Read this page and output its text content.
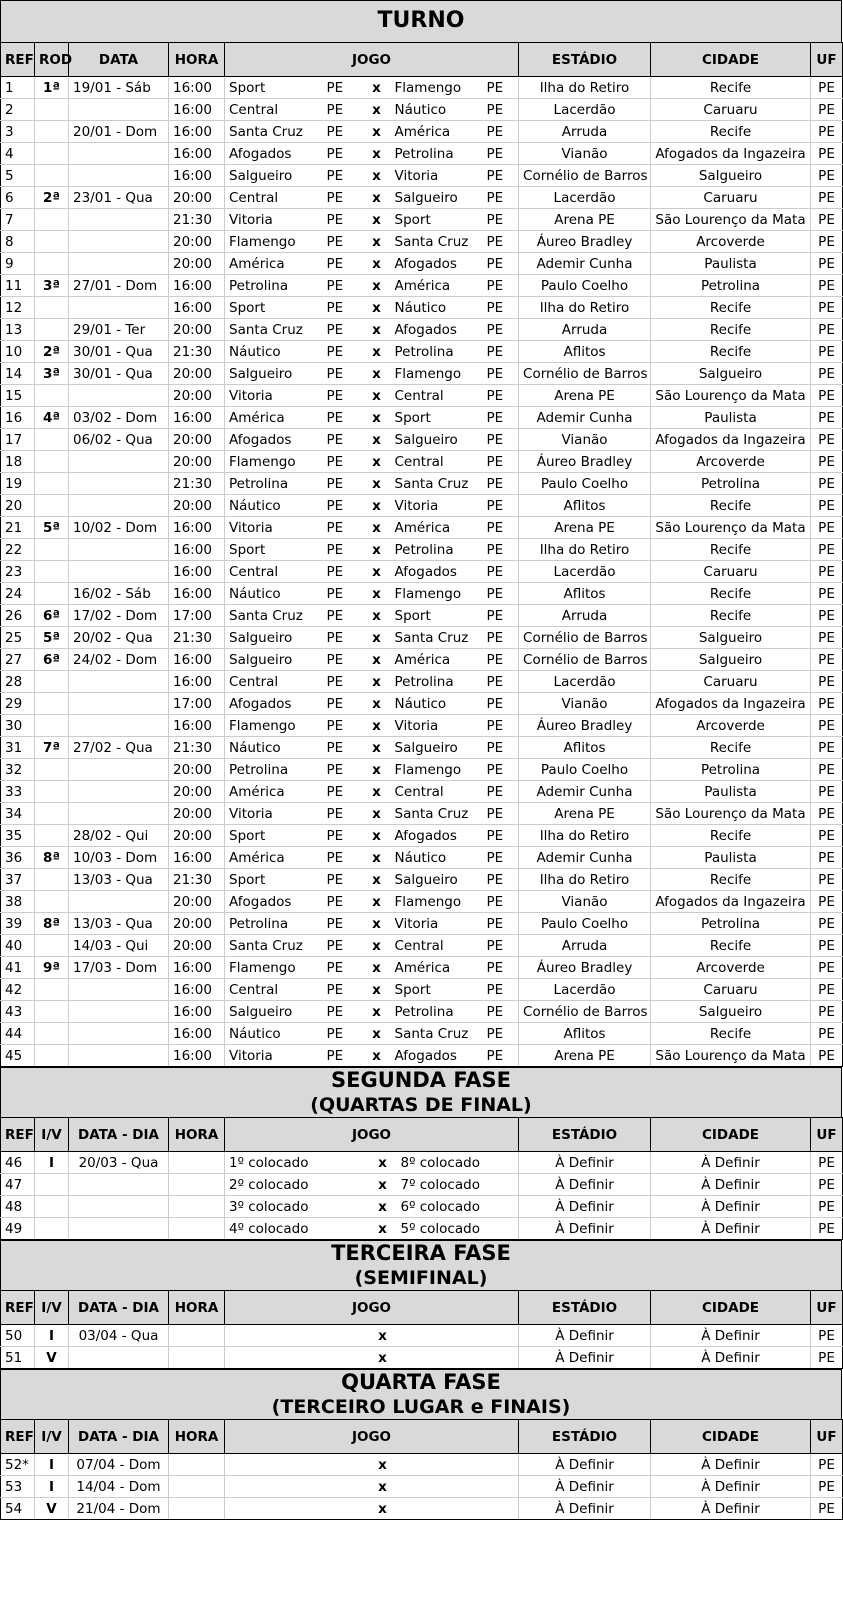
TURNO
REF	ROD	DATA	HORA	JOGO					ESTÁDIO	CIDADE	UF
1	1ª	19/01 - Sáb	16:00	Sport	PE	x	Flamengo	PE	Ilha do Retiro	Recife	PE
2			16:00	Central	PE	x	Náutico	PE	Lacerdão	Caruaru	PE
3		20/01 - Dom	16:00	Santa Cruz	PE	x	América	PE	Arruda	Recife	PE
4			16:00	Afogados	PE	x	Petrolina	PE	Vianão	Afogados da Ingazeira	PE
5			16:00	Salgueiro	PE	x	Vitoria	PE	Cornélio de Barros	Salgueiro	PE
6	2ª	23/01 - Qua	20:00	Central	PE	x	Salgueiro	PE	Lacerdão	Caruaru	PE
7			21:30	Vitoria	PE	x	Sport	PE	Arena PE	São Lourenço da Mata	PE
8			20:00	Flamengo	PE	x	Santa Cruz	PE	Áureo Bradley	Arcoverde	PE
9			20:00	América	PE	x	Afogados	PE	Ademir Cunha	Paulista	PE
11	3ª	27/01 - Dom	16:00	Petrolina	PE	x	América	PE	Paulo Coelho	Petrolina	PE
12			16:00	Sport	PE	x	Náutico	PE	Ilha do Retiro	Recife	PE
13		29/01 - Ter	20:00	Santa Cruz	PE	x	Afogados	PE	Arruda	Recife	PE
10	2ª	30/01 - Qua	21:30	Náutico	PE	x	Petrolina	PE	Aflitos	Recife	PE
14	3ª	30/01 - Qua	20:00	Salgueiro	PE	x	Flamengo	PE	Cornélio de Barros	Salgueiro	PE
15			20:00	Vitoria	PE	x	Central	PE	Arena PE	São Lourenço da Mata	PE
16	4ª	03/02 - Dom	16:00	América	PE	x	Sport	PE	Ademir Cunha	Paulista	PE
17		06/02 - Qua	20:00	Afogados	PE	x	Salgueiro	PE	Vianão	Afogados da Ingazeira	PE
18			20:00	Flamengo	PE	x	Central	PE	Áureo Bradley	Arcoverde	PE
19			21:30	Petrolina	PE	x	Santa Cruz	PE	Paulo Coelho	Petrolina	PE
20			20:00	Náutico	PE	x	Vitoria	PE	Aflitos	Recife	PE
21	5ª	10/02 - Dom	16:00	Vitoria	PE	x	América	PE	Arena PE	São Lourenço da Mata	PE
22			16:00	Sport	PE	x	Petrolina	PE	Ilha do Retiro	Recife	PE
23			16:00	Central	PE	x	Afogados	PE	Lacerdão	Caruaru	PE
24		16/02 - Sáb	16:00	Náutico	PE	x	Flamengo	PE	Aflitos	Recife	PE
26	6ª	17/02 - Dom	17:00	Santa Cruz	PE	x	Sport	PE	Arruda	Recife	PE
25	5ª	20/02 - Qua	21:30	Salgueiro	PE	x	Santa Cruz	PE	Cornélio de Barros	Salgueiro	PE
27	6ª	24/02 - Dom	16:00	Salgueiro	PE	x	América	PE	Cornélio de Barros	Salgueiro	PE
28			16:00	Central	PE	x	Petrolina	PE	Lacerdão	Caruaru	PE
29			17:00	Afogados	PE	x	Náutico	PE	Vianão	Afogados da Ingazeira	PE
30			16:00	Flamengo	PE	x	Vitoria	PE	Áureo Bradley	Arcoverde	PE
31	7ª	27/02 - Qua	21:30	Náutico	PE	x	Salgueiro	PE	Aflitos	Recife	PE
32			20:00	Petrolina	PE	x	Flamengo	PE	Paulo Coelho	Petrolina	PE
33			20:00	América	PE	x	Central	PE	Ademir Cunha	Paulista	PE
34			20:00	Vitoria	PE	x	Santa Cruz	PE	Arena PE	São Lourenço da Mata	PE
35		28/02 - Qui	20:00	Sport	PE	x	Afogados	PE	Ilha do Retiro	Recife	PE
36	8ª	10/03 - Dom	16:00	América	PE	x	Náutico	PE	Ademir Cunha	Paulista	PE
37		13/03 - Qua	21:30	Sport	PE	x	Salgueiro	PE	Ilha do Retiro	Recife	PE
38			20:00	Afogados	PE	x	Flamengo	PE	Vianão	Afogados da Ingazeira	PE
39	8ª	13/03 - Qua	20:00	Petrolina	PE	x	Vitoria	PE	Paulo Coelho	Petrolina	PE
40		14/03 - Qui	20:00	Santa Cruz	PE	x	Central	PE	Arruda	Recife	PE
41	9ª	17/03 - Dom	16:00	Flamengo	PE	x	América	PE	Áureo Bradley	Arcoverde	PE
42			16:00	Central	PE	x	Sport	PE	Lacerdão	Caruaru	PE
43			16:00	Salgueiro	PE	x	Petrolina	PE	Cornélio de Barros	Salgueiro	PE
44			16:00	Náutico	PE	x	Santa Cruz	PE	Aflitos	Recife	PE
45			16:00	Vitoria	PE	x	Afogados	PE	Arena PE	São Lourenço da Mata	PE
SEGUNDA FASE
(QUARTAS DE FINAL)
REF	I/V	DATA - DIA	HORA	JOGO			ESTÁDIO	CIDADE	UF
46	I	20/03 - Qua		1º colocado	x	8º colocado	À Definir	À Definir	PE
47				2º colocado	x	7º colocado	À Definir	À Definir	PE
48				3º colocado	x	6º colocado	À Definir	À Definir	PE
49				4º colocado	x	5º colocado	À Definir	À Definir	PE
TERCEIRA FASE
(SEMIFINAL)
REF	I/V	DATA - DIA	HORA	JOGO			ESTÁDIO	CIDADE	UF
50	I	03/04 - Qua			x		À Definir	À Definir	PE
51	V				x		À Definir	À Definir	PE
QUARTA FASE
(TERCEIRO LUGAR e FINAIS)
REF	I/V	DATA - DIA	HORA	JOGO			ESTÁDIO	CIDADE	UF
52*	I	07/04 - Dom			x		À Definir	À Definir	PE
53	I	14/04 - Dom			x		À Definir	À Definir	PE
54	V	21/04 - Dom			x		À Definir	À Definir	PE
